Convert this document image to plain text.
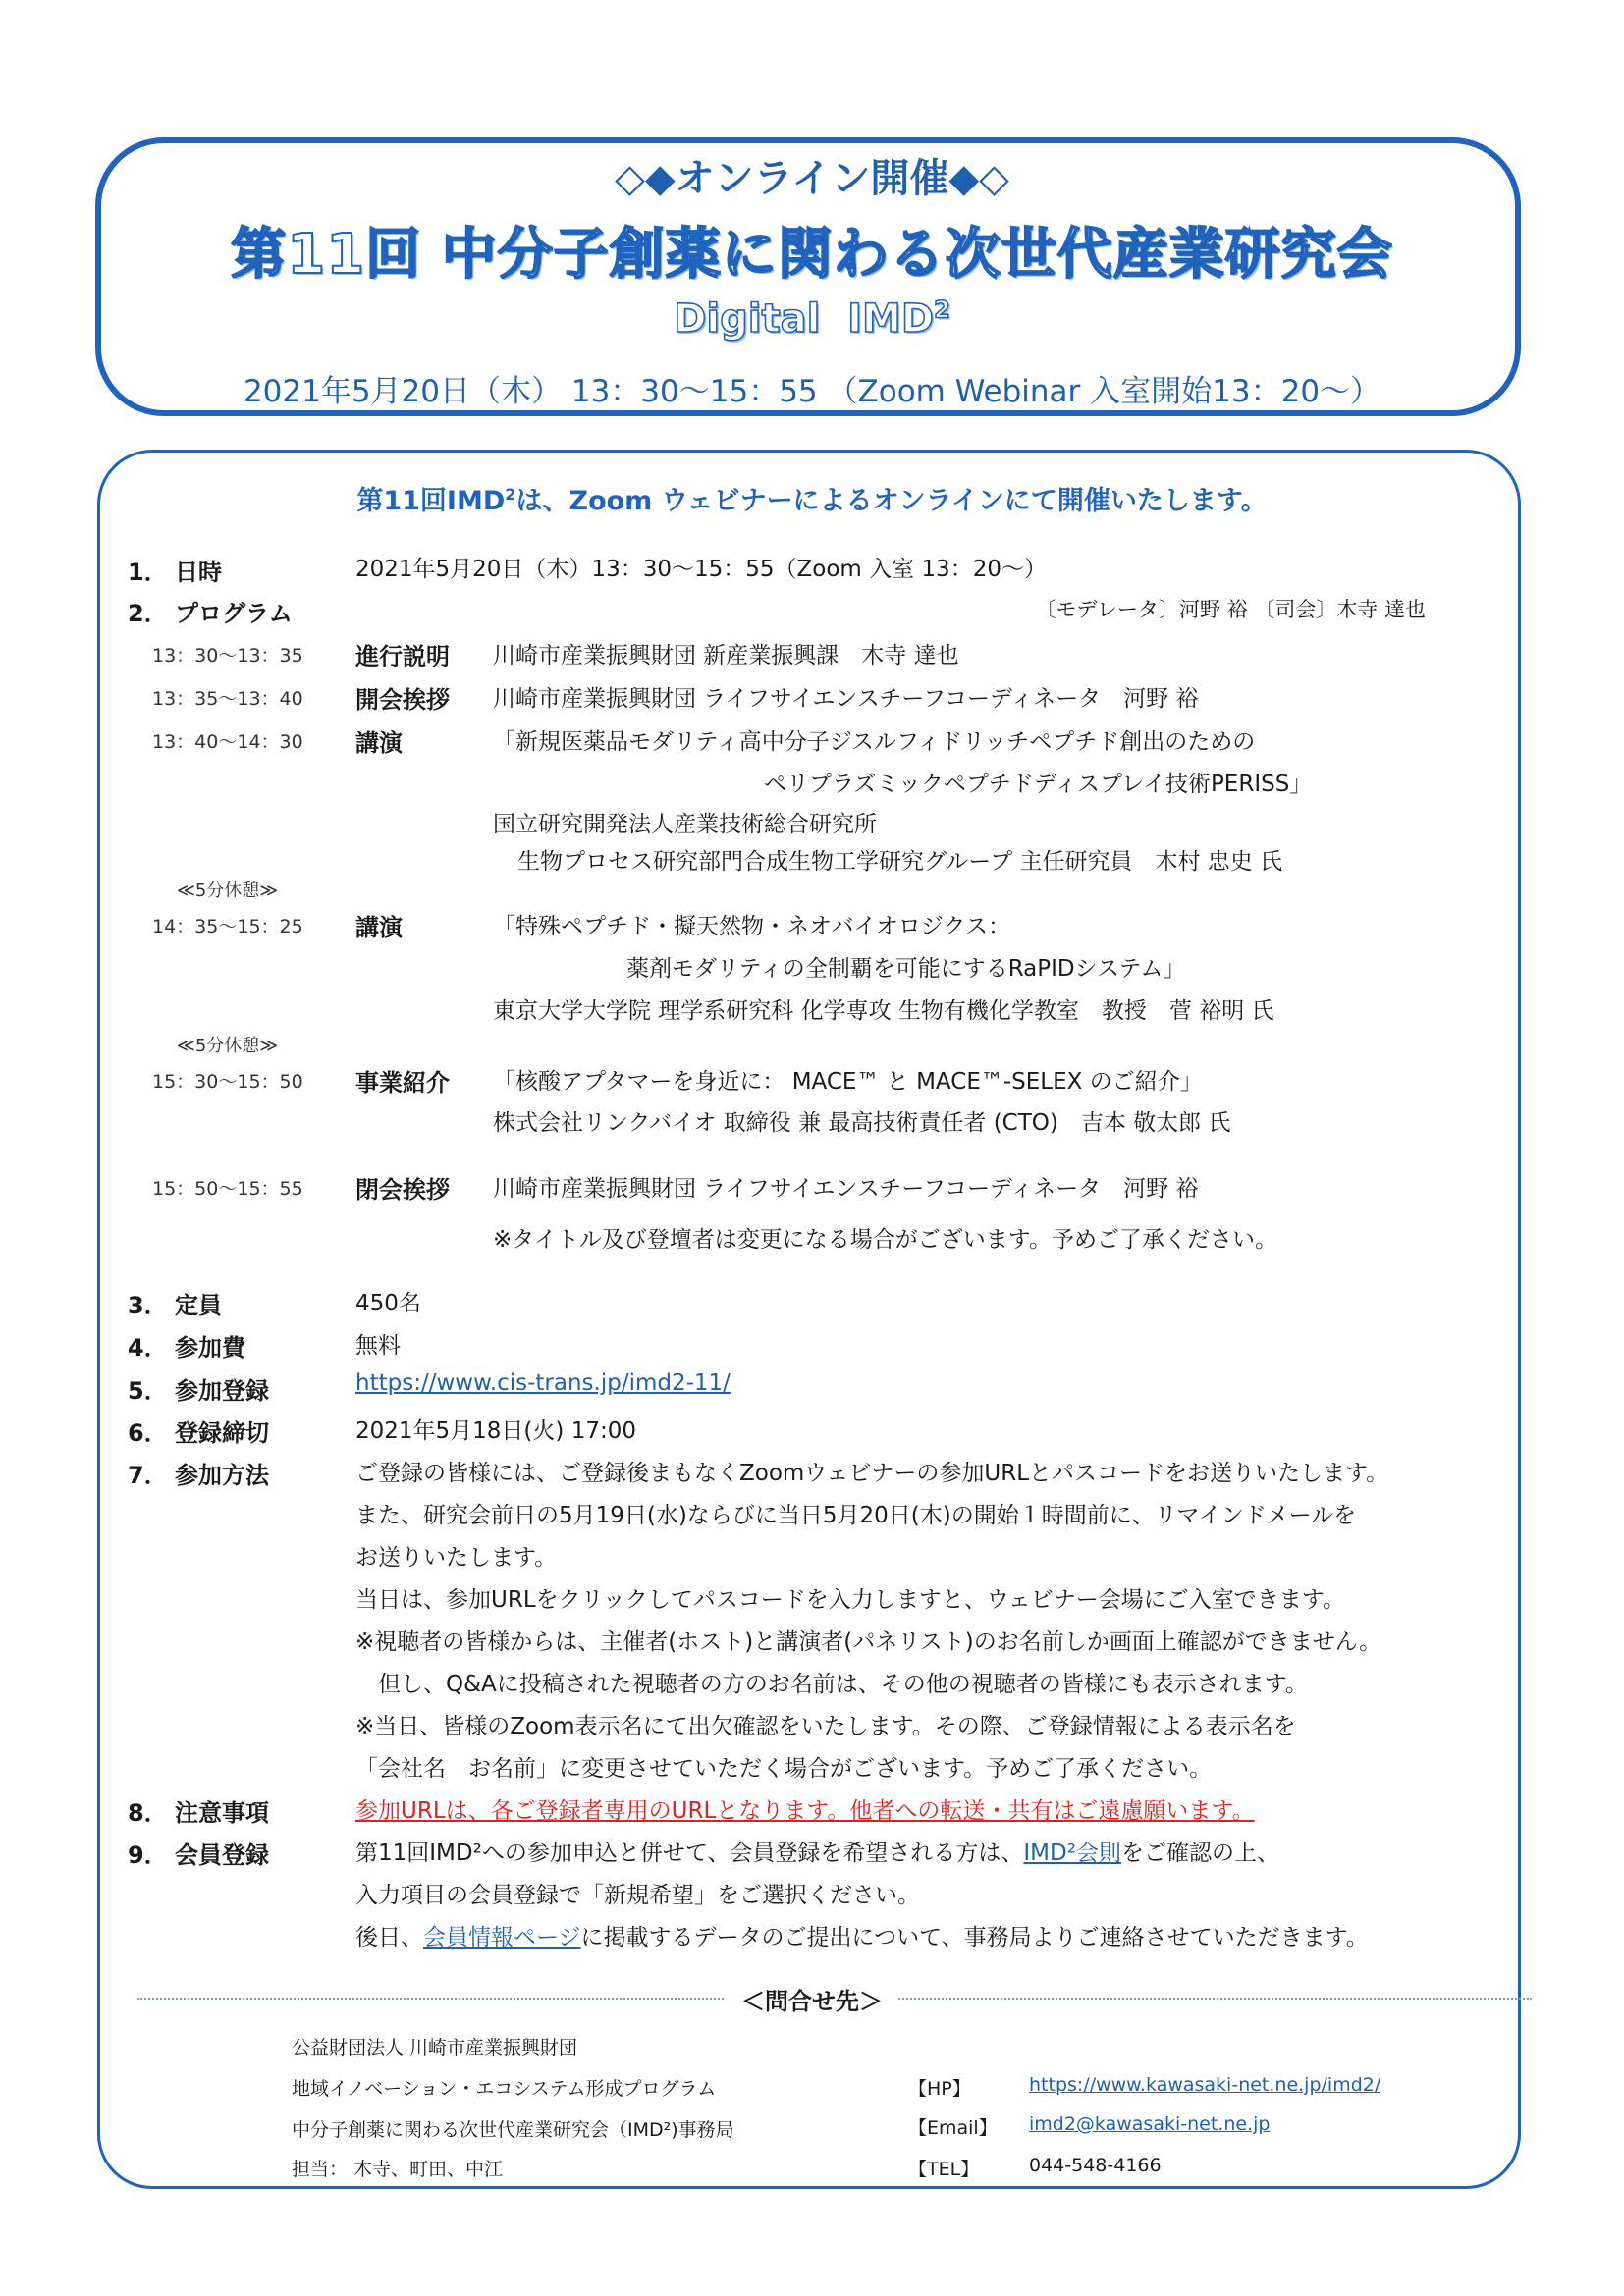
◇◆オンライン開催◆◇
第11回 中分子創薬に関わる次世代産業研究会
Digital IMD$^2$
2021年5月20日（木） 13：30～15：55 （Zoom Webinar 入室開始13：20～）
第11回IMD$^2$は、Zoom ウェビナーによるオンラインにて開催いたします。
1． 日時	2021年5月20日（木）13：30～15：55（Zoom 入室 13：20～）
2． プログラム	〔モデレータ〕河野 裕 〔司会〕木寺 達也
13：30～13：35 進行説明 川崎市産業振興財団 新産業振興課　木寺 達也
13：35～13：40 開会挨拶 川崎市産業振興財団 ライフサイエンスチーフコーディネータ　河野 裕
13：40～14：30 講演	「新規医薬品モダリティ高中分子ジスルフィドリッチペプチド創出のための
ペリプラズミックペプチドディスプレイ技術PERISS」
国立研究開発法人産業技術総合研究所
生物プロセス研究部門合成生物工学研究グループ 主任研究員　木村 忠史 氏
≪5分休憩≫
14：35～15：25 講演	「特殊ペプチド・擬天然物・ネオバイオロジクス：
薬剤モダリティの全制覇を可能にするRaPIDシステム」
東京大学大学院 理学系研究科 化学専攻 生物有機化学教室　教授　菅 裕明 氏
≪5分休憩≫
15：30～15：50 事業紹介 「核酸アプタマーを身近に： MACE™ と MACE™-SELEX のご紹介」
株式会社リンクバイオ 取締役 兼 最高技術責任者 (CTO)　吉本 敬太郎 氏
15：50～15：55 閉会挨拶 川崎市産業振興財団 ライフサイエンスチーフコーディネータ　河野 裕
※タイトル及び登壇者は変更になる場合がございます。予めご了承ください。
3． 定員	450名
4． 参加費	無料
5． 参加登録	https://www.cis-trans.jp/imd2-11/
6． 登録締切	2021年5月18日(火) 17:00
7． 参加方法	ご登録の皆様には、ご登録後まもなくZoomウェビナーの参加URLとパスコードをお送りいたします。
また、研究会前日の5月19日(水)ならびに当日5月20日(木)の開始１時間前に、リマインドメールを
お送りいたします。
当日は、参加URLをクリックしてパスコードを入力しますと、ウェビナー会場にご入室できます。
※視聴者の皆様からは、主催者(ホスト)と講演者(パネリスト)のお名前しか画面上確認ができません。
　但し、Q&Aに投稿された視聴者の方のお名前は、その他の視聴者の皆様にも表示されます。
※当日、皆様のZoom表示名にて出欠確認をいたします。その際、ご登録情報による表示名を
「会社名　お名前」に変更させていただく場合がございます。予めご了承ください。
8． 注意事項	参加URLは、各ご登録者専用のURLとなります。他者への転送・共有はご遠慮願います。
9． 会員登録	第11回IMD²への参加申込と併せて、会員登録を希望される方は、IMD²会則をご確認の上、
入力項目の会員登録で「新規希望」をご選択ください。
後日、会員情報ページに掲載するデータのご提出について、事務局よりご連絡させていただきます。
＜問合せ先＞
公益財団法人 川崎市産業振興財団
地域イノベーション・エコシステム形成プログラム
中分子創薬に関わる次世代産業研究会（IMD²)事務局
担当： 木寺、町田、中江
【HP】	https://www.kawasaki-net.ne.jp/imd2/
【Email】 imd2@kawasaki-net.ne.jp
【TEL】	044-548-4166
